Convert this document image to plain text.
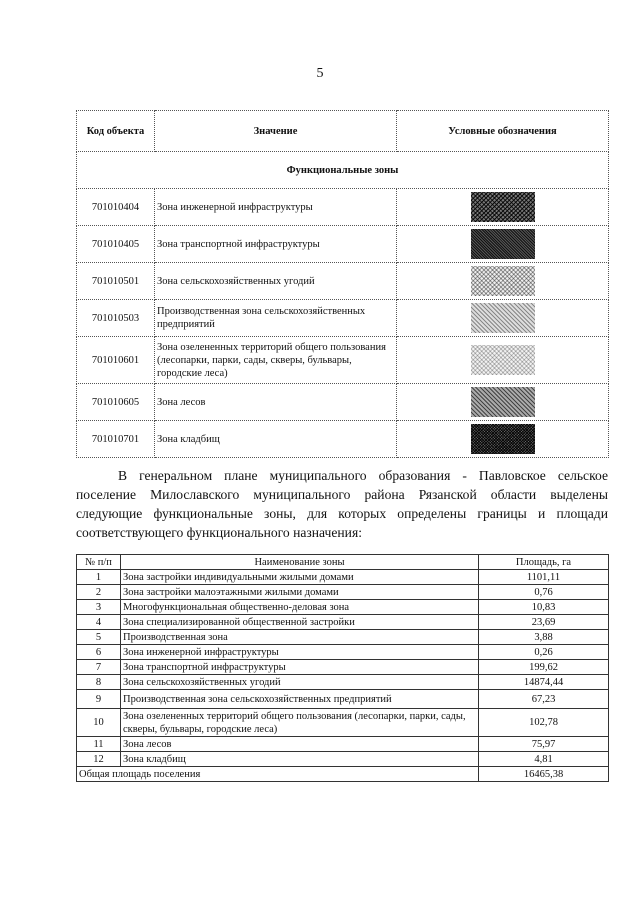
5
Код объекта	Значение	Условные обозначения
Функциональные зоны		
701010404	Зона инженерной инфраструктуры	
701010405	Зона транспортной инфраструктуры	
701010501	Зона сельскохозяйственных угодий	
701010503	Производственная зона сельскохозяйственных предприятий	
701010601	Зона озелененных территорий общего пользования (лесопарки, парки, сады, скверы, бульвары, городские леса)	
701010605	Зона лесов	
701010701	Зона кладбищ	

В генеральном плане муниципального образования - Павловское сельское поселение Милославского муниципального района Рязанской области выделены следующие функциональные зоны, для которых определены границы и площади соответствующего функционального назначения:

№ п/п	Наименование зоны	Площадь, га
1	Зона застройки индивидуальными жилыми домами	1101,11
2	Зона застройки малоэтажными жилыми домами	0,76
3	Многофункциональная общественно-деловая зона	10,83
4	Зона специализированной общественной застройки	23,69
5	Производственная зона	3,88
6	Зона инженерной инфраструктуры	0,26
7	Зона транспортной инфраструктуры	199,62
8	Зона сельскохозяйственных угодий	14874,44
9	Производственная зона сельскохозяйственных предприятий	67,23
10	Зона озелененных территорий общего пользования (лесопарки, парки, сады, скверы, бульвары, городские леса)	102,78
11	Зона лесов	75,97
12	Зона кладбищ	4,81
Общая площадь поселения		16465,38
